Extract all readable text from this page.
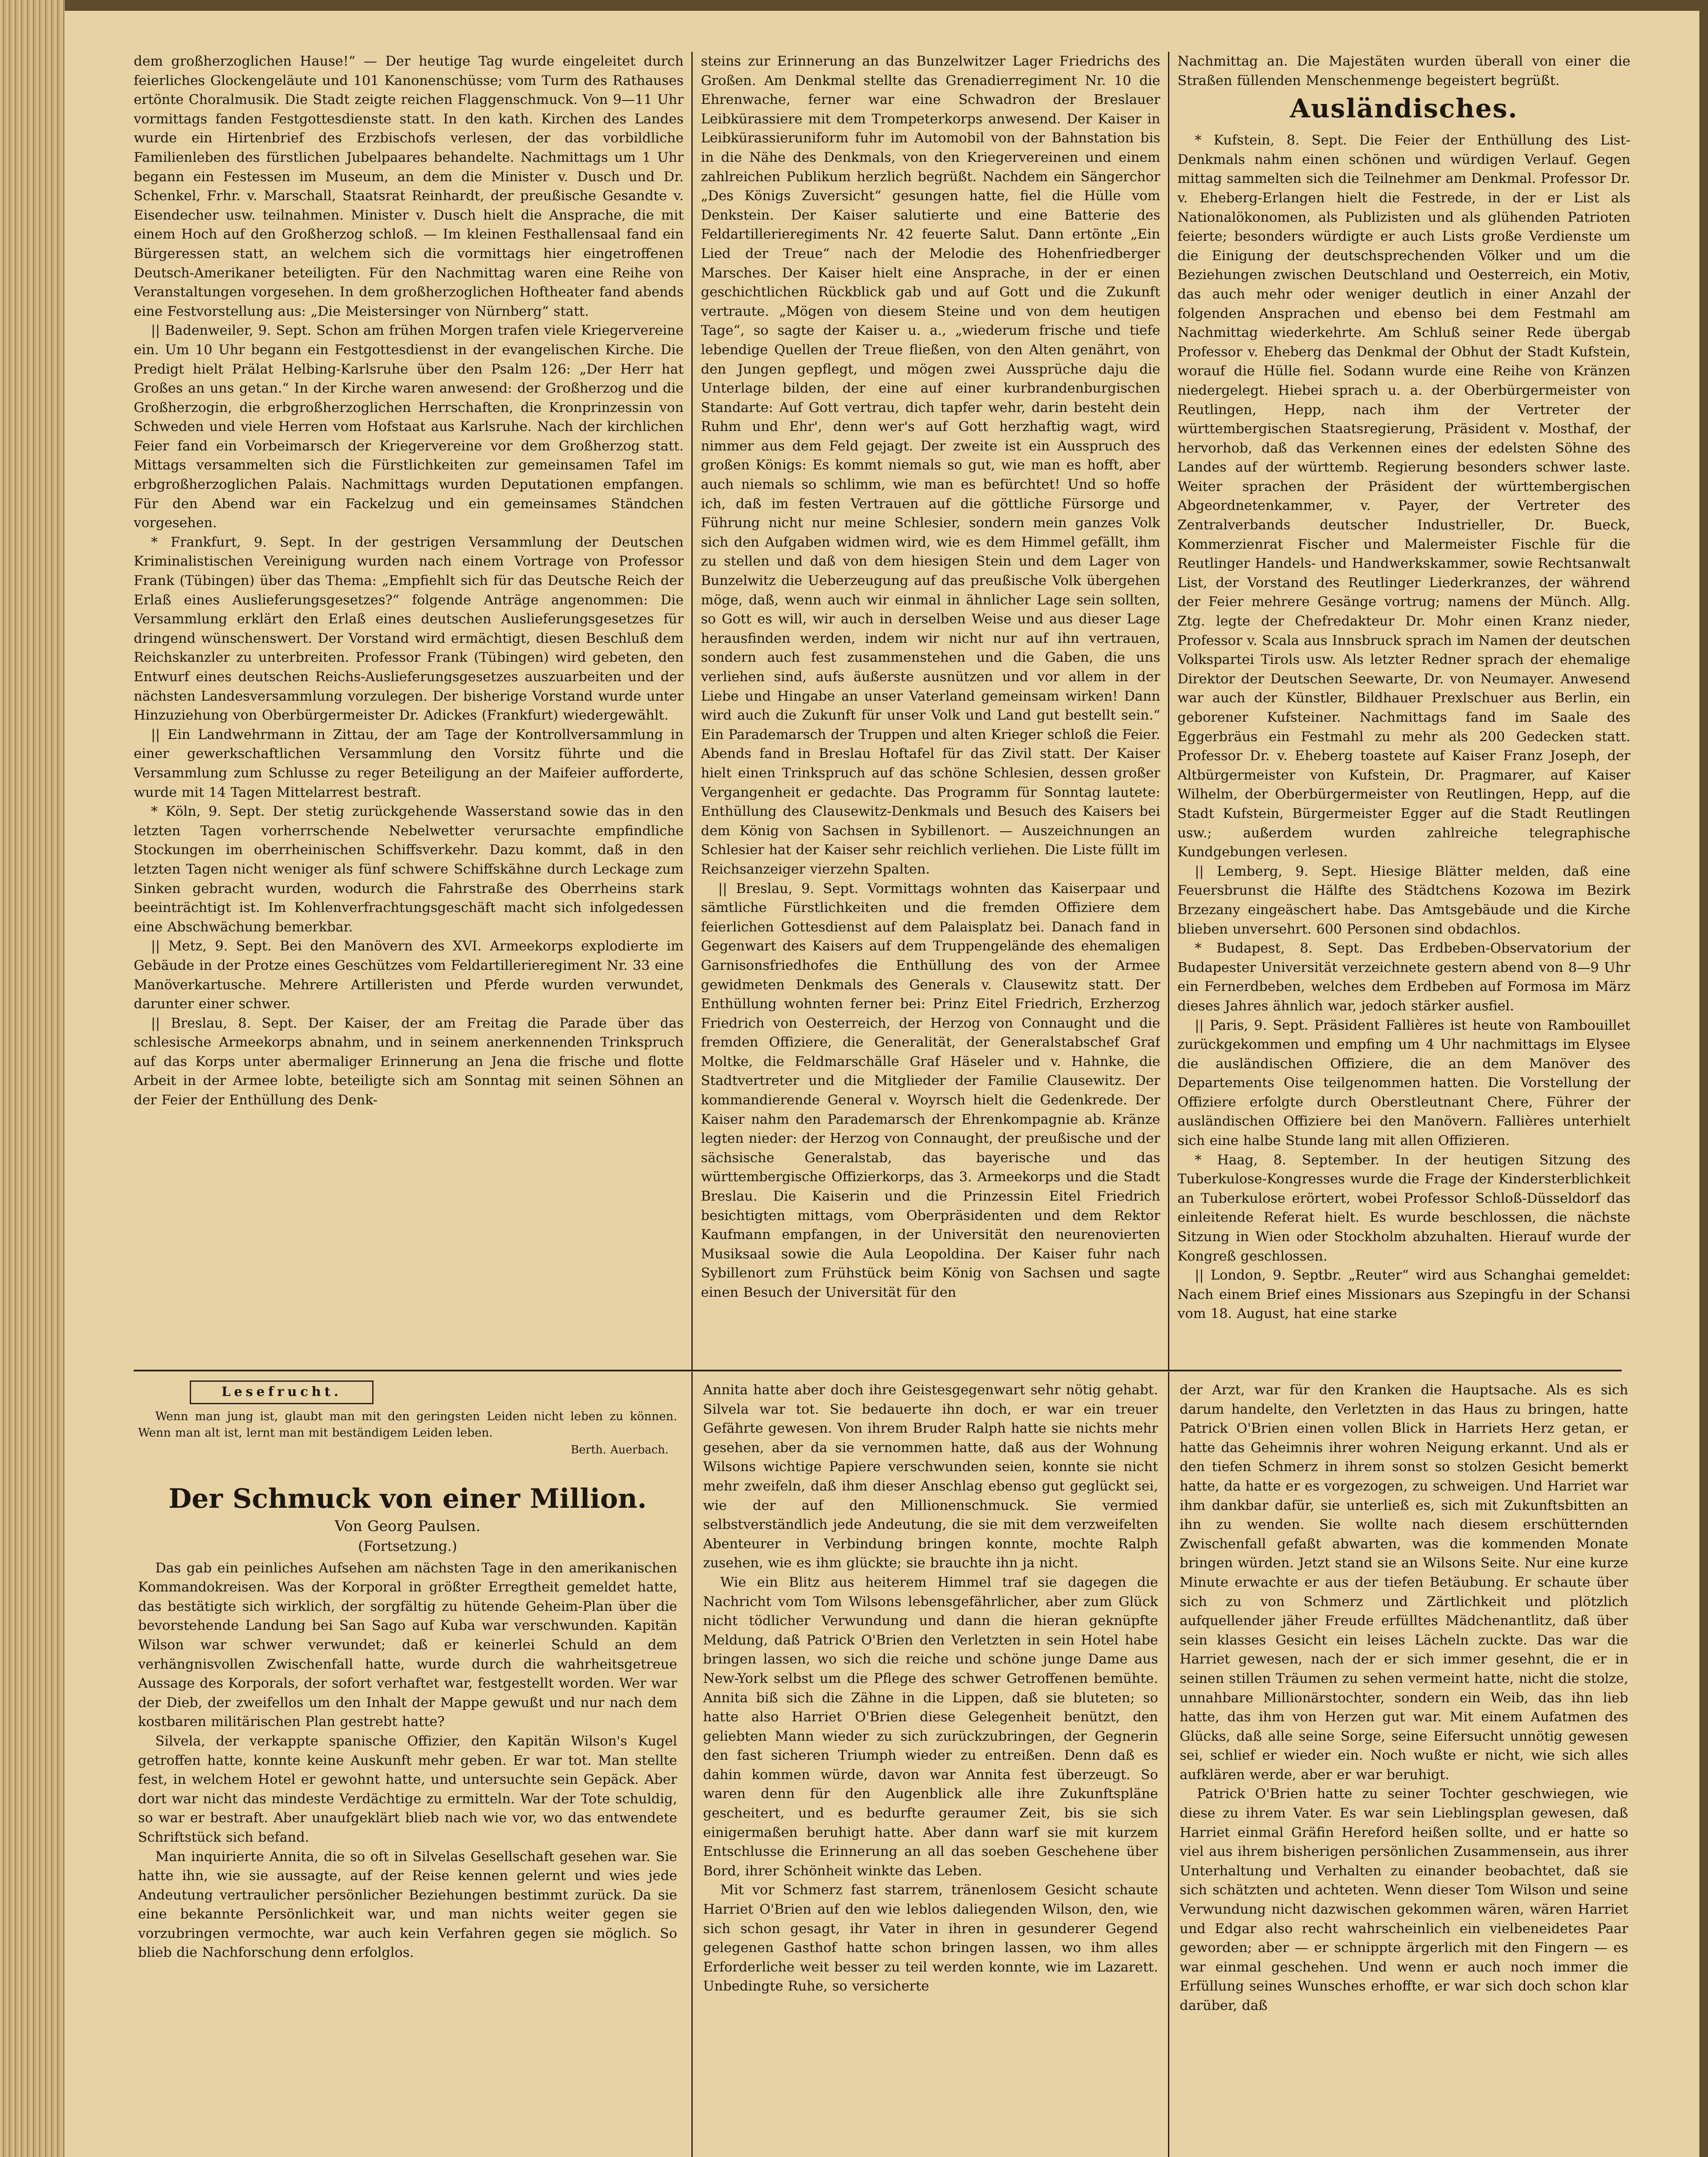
dem großherzoglichen Hause!“ — Der heutige Tag wurde eingeleitet durch feierliches Glockengeläute und 101 Kanonenschüsse; vom Turm des Rathauses ertönte Choralmusik. Die Stadt zeigte reichen Flaggenschmuck. Von 9—11 Uhr vormittags fanden Festgottesdienste statt. In den kath. Kirchen des Landes wurde ein Hirtenbrief des Erzbischofs verlesen, der das vorbildliche Familienleben des fürstlichen Jubelpaares behandelte. Nachmittags um 1 Uhr begann ein Festessen im Museum, an dem die Minister v. Dusch und Dr. Schenkel, Frhr. v. Marschall, Staatsrat Reinhardt, der preußische Gesandte v. Eisendecher usw. teilnahmen. Minister v. Dusch hielt die Ansprache, die mit einem Hoch auf den Großherzog schloß. — Im kleinen Festhallensaal fand ein Bürgeressen statt, an welchem sich die vormittags hier eingetroffenen Deutsch-Amerikaner beteiligten. Für den Nachmittag waren eine Reihe von Veranstaltungen vorgesehen. In dem großherzoglichen Hoftheater fand abends eine Festvorstellung aus: „Die Meistersinger von Nürnberg“ statt.

|| Badenweiler, 9. Sept. Schon am frühen Morgen trafen viele Kriegervereine ein. Um 10 Uhr begann ein Festgottesdienst in der evangelischen Kirche. Die Predigt hielt Prälat Helbing-Karlsruhe über den Psalm 126: „Der Herr hat Großes an uns getan.“ In der Kirche waren anwesend: der Großherzog und die Großherzogin, die erbgroßherzoglichen Herrschaften, die Kronprinzessin von Schweden und viele Herren vom Hofstaat aus Karlsruhe. Nach der kirchlichen Feier fand ein Vorbeimarsch der Kriegervereine vor dem Großherzog statt. Mittags versammelten sich die Fürstlichkeiten zur gemeinsamen Tafel im erbgroßherzoglichen Palais. Nachmittags wurden Deputationen empfangen. Für den Abend war ein Fackelzug und ein gemeinsames Ständchen vorgesehen.

* Frankfurt, 9. Sept. In der gestrigen Versammlung der Deutschen Kriminalistischen Vereinigung wurden nach einem Vortrage von Professor Frank (Tübingen) über das Thema: „Empfiehlt sich für das Deutsche Reich der Erlaß eines Auslieferungsgesetzes?“ folgende Anträge angenommen: Die Versammlung erklärt den Erlaß eines deutschen Auslieferungsgesetzes für dringend wünschenswert. Der Vorstand wird ermächtigt, diesen Beschluß dem Reichskanzler zu unterbreiten. Professor Frank (Tübingen) wird gebeten, den Entwurf eines deutschen Reichs-Auslieferungsgesetzes auszuarbeiten und der nächsten Landesversammlung vorzulegen. Der bisherige Vorstand wurde unter Hinzuziehung von Oberbürgermeister Dr. Adickes (Frankfurt) wiedergewählt.

|| Ein Landwehrmann in Zittau, der am Tage der Kontrollversammlung in einer gewerkschaftlichen Versammlung den Vorsitz führte und die Versammlung zum Schlusse zu reger Beteiligung an der Maifeier aufforderte, wurde mit 14 Tagen Mittelarrest bestraft.

* Köln, 9. Sept. Der stetig zurückgehende Wasserstand sowie das in den letzten Tagen vorherrschende Nebelwetter verursachte empfindliche Stockungen im oberrheinischen Schiffsverkehr. Dazu kommt, daß in den letzten Tagen nicht weniger als fünf schwere Schiffskähne durch Leckage zum Sinken gebracht wurden, wodurch die Fahrstraße des Oberrheins stark beeinträchtigt ist. Im Kohlenverfrachtungsgeschäft macht sich infolgedessen eine Abschwächung bemerkbar.

|| Metz, 9. Sept. Bei den Manövern des XVI. Armeekorps explodierte im Gebäude in der Protze eines Geschützes vom Feldartillerieregiment Nr. 33 eine Manöverkartusche. Mehrere Artilleristen und Pferde wurden verwundet, darunter einer schwer.

|| Breslau, 8. Sept. Der Kaiser, der am Freitag die Parade über das schlesische Armeekorps abnahm, und in seinem anerkennenden Trinkspruch auf das Korps unter abermaliger Erinnerung an Jena die frische und flotte Arbeit in der Armee lobte, beteiligte sich am Sonntag mit seinen Söhnen an der Feier der Enthüllung des Denk-

steins zur Erinnerung an das Bunzelwitzer Lager Friedrichs des Großen. Am Denkmal stellte das Grenadierregiment Nr. 10 die Ehrenwache, ferner war eine Schwadron der Breslauer Leibkürassiere mit dem Trompeterkorps anwesend. Der Kaiser in Leibkürassieruniform fuhr im Automobil von der Bahnstation bis in die Nähe des Denkmals, von den Kriegervereinen und einem zahlreichen Publikum herzlich begrüßt. Nachdem ein Sängerchor „Des Königs Zuversicht“ gesungen hatte, fiel die Hülle vom Denkstein. Der Kaiser salutierte und eine Batterie des Feldartillerieregiments Nr. 42 feuerte Salut. Dann ertönte „Ein Lied der Treue“ nach der Melodie des Hohenfriedberger Marsches. Der Kaiser hielt eine Ansprache, in der er einen geschichtlichen Rückblick gab und auf Gott und die Zukunft vertraute. „Mögen von diesem Steine und von dem heutigen Tage“, so sagte der Kaiser u. a., „wiederum frische und tiefe lebendige Quellen der Treue fließen, von den Alten genährt, von den Jungen gepflegt, und mögen zwei Aussprüche daju die Unterlage bilden, der eine auf einer kurbrandenburgischen Standarte: Auf Gott vertrau, dich tapfer wehr, darin besteht dein Ruhm und Ehr', denn wer's auf Gott herzhaftig wagt, wird nimmer aus dem Feld gejagt. Der zweite ist ein Ausspruch des großen Königs: Es kommt niemals so gut, wie man es hofft, aber auch niemals so schlimm, wie man es befürchtet! Und so hoffe ich, daß im festen Vertrauen auf die göttliche Fürsorge und Führung nicht nur meine Schlesier, sondern mein ganzes Volk sich den Aufgaben widmen wird, wie es dem Himmel gefällt, ihm zu stellen und daß von dem hiesigen Stein und dem Lager von Bunzelwitz die Ueberzeugung auf das preußische Volk übergehen möge, daß, wenn auch wir einmal in ähnlicher Lage sein sollten, so Gott es will, wir auch in derselben Weise und aus dieser Lage herausfinden werden, indem wir nicht nur auf ihn vertrauen, sondern auch fest zusammenstehen und die Gaben, die uns verliehen sind, aufs äußerste ausnützen und vor allem in der Liebe und Hingabe an unser Vaterland gemeinsam wirken! Dann wird auch die Zukunft für unser Volk und Land gut bestellt sein.“ Ein Parademarsch der Truppen und alten Krieger schloß die Feier. Abends fand in Breslau Hoftafel für das Zivil statt. Der Kaiser hielt einen Trinkspruch auf das schöne Schlesien, dessen großer Vergangenheit er gedachte. Das Programm für Sonntag lautete: Enthüllung des Clausewitz-Denkmals und Besuch des Kaisers bei dem König von Sachsen in Sybillenort. — Auszeichnungen an Schlesier hat der Kaiser sehr reichlich verliehen. Die Liste füllt im Reichsanzeiger vierzehn Spalten.

|| Breslau, 9. Sept. Vormittags wohnten das Kaiserpaar und sämtliche Fürstlichkeiten und die fremden Offiziere dem feierlichen Gottesdienst auf dem Palaisplatz bei. Danach fand in Gegenwart des Kaisers auf dem Truppengelände des ehemaligen Garnisonsfriedhofes die Enthüllung des von der Armee gewidmeten Denkmals des Generals v. Clausewitz statt. Der Enthüllung wohnten ferner bei: Prinz Eitel Friedrich, Erzherzog Friedrich von Oesterreich, der Herzog von Connaught und die fremden Offiziere, die Generalität, der Generalstabschef Graf Moltke, die Feldmarschälle Graf Häseler und v. Hahnke, die Stadtvertreter und die Mitglieder der Familie Clausewitz. Der kommandierende General v. Woyrsch hielt die Gedenkrede. Der Kaiser nahm den Parademarsch der Ehrenkompagnie ab. Kränze legten nieder: der Herzog von Connaught, der preußische und der sächsische Generalstab, das bayerische und das württembergische Offizierkorps, das 3. Armeekorps und die Stadt Breslau. Die Kaiserin und die Prinzessin Eitel Friedrich besichtigten mittags, vom Oberpräsidenten und dem Rektor Kaufmann empfangen, in der Universität den neurenovierten Musiksaal sowie die Aula Leopoldina. Der Kaiser fuhr nach Sybillenort zum Frühstück beim König von Sachsen und sagte einen Besuch der Universität für den

Nachmittag an. Die Majestäten wurden überall von einer die Straßen füllenden Menschenmenge begeistert begrüßt.

Ausländisches.

* Kufstein, 8. Sept. Die Feier der Enthüllung des List-Denkmals nahm einen schönen und würdigen Verlauf. Gegen mittag sammelten sich die Teilnehmer am Denkmal. Professor Dr. v. Eheberg-Erlangen hielt die Festrede, in der er List als Nationalökonomen, als Publizisten und als glühenden Patrioten feierte; besonders würdigte er auch Lists große Verdienste um die Einigung der deutschsprechenden Völker und um die Beziehungen zwischen Deutschland und Oesterreich, ein Motiv, das auch mehr oder weniger deutlich in einer Anzahl der folgenden Ansprachen und ebenso bei dem Festmahl am Nachmittag wiederkehrte. Am Schluß seiner Rede übergab Professor v. Eheberg das Denkmal der Obhut der Stadt Kufstein, worauf die Hülle fiel. Sodann wurde eine Reihe von Kränzen niedergelegt. Hiebei sprach u. a. der Oberbürgermeister von Reutlingen, Hepp, nach ihm der Vertreter der württembergischen Staatsregierung, Präsident v. Mosthaf, der hervorhob, daß das Verkennen eines der edelsten Söhne des Landes auf der württemb. Regierung besonders schwer laste. Weiter sprachen der Präsident der württembergischen Abgeordnetenkammer, v. Payer, der Vertreter des Zentralverbands deutscher Industrieller, Dr. Bueck, Kommerzienrat Fischer und Malermeister Fischle für die Reutlinger Handels- und Handwerkskammer, sowie Rechtsanwalt List, der Vorstand des Reutlinger Liederkranzes, der während der Feier mehrere Gesänge vortrug; namens der Münch. Allg. Ztg. legte der Chefredakteur Dr. Mohr einen Kranz nieder, Professor v. Scala aus Innsbruck sprach im Namen der deutschen Volkspartei Tirols usw. Als letzter Redner sprach der ehemalige Direktor der Deutschen Seewarte, Dr. von Neumayer. Anwesend war auch der Künstler, Bildhauer Prexlschuer aus Berlin, ein geborener Kufsteiner. Nachmittags fand im Saale des Eggerbräus ein Festmahl zu mehr als 200 Gedecken statt. Professor Dr. v. Eheberg toastete auf Kaiser Franz Joseph, der Altbürgermeister von Kufstein, Dr. Pragmarer, auf Kaiser Wilhelm, der Oberbürgermeister von Reutlingen, Hepp, auf die Stadt Kufstein, Bürgermeister Egger auf die Stadt Reutlingen usw.; außerdem wurden zahlreiche telegraphische Kundgebungen verlesen.

|| Lemberg, 9. Sept. Hiesige Blätter melden, daß eine Feuersbrunst die Hälfte des Städtchens Kozowa im Bezirk Brzezany eingeäschert habe. Das Amtsgebäude und die Kirche blieben unversehrt. 600 Personen sind obdachlos.

* Budapest, 8. Sept. Das Erdbeben-Observatorium der Budapester Universität verzeichnete gestern abend von 8—9 Uhr ein Fernerdbeben, welches dem Erdbeben auf Formosa im März dieses Jahres ähnlich war, jedoch stärker ausfiel.

|| Paris, 9. Sept. Präsident Fallières ist heute von Rambouillet zurückgekommen und empfing um 4 Uhr nachmittags im Elysee die ausländischen Offiziere, die an dem Manöver des Departements Oise teilgenommen hatten. Die Vorstellung der Offiziere erfolgte durch Oberstleutnant Chere, Führer der ausländischen Offiziere bei den Manövern. Fallières unterhielt sich eine halbe Stunde lang mit allen Offizieren.

* Haag, 8. September. In der heutigen Sitzung des Tuberkulose-Kongresses wurde die Frage der Kindersterblichkeit an Tuberkulose erörtert, wobei Professor Schloß-Düsseldorf das einleitende Referat hielt. Es wurde beschlossen, die nächste Sitzung in Wien oder Stockholm abzuhalten. Hierauf wurde der Kongreß geschlossen.

|| London, 9. Septbr. „Reuter“ wird aus Schanghai gemeldet: Nach einem Brief eines Missionars aus Szepingfu in der Schansi vom 18. August, hat eine starke

Lesefrucht.

Wenn man jung ist, glaubt man mit den geringsten Leiden nicht leben zu können. Wenn man alt ist, lernt man mit beständigem Leiden leben.

Berth. Auerbach.
Der Schmuck von einer Million.
Von Georg Paulsen.
(Fortsetzung.)

Das gab ein peinliches Aufsehen am nächsten Tage in den amerikanischen Kommandokreisen. Was der Korporal in größter Erregtheit gemeldet hatte, das bestätigte sich wirklich, der sorgfältig zu hütende Geheim-Plan über die bevorstehende Landung bei San Sago auf Kuba war verschwunden. Kapitän Wilson war schwer verwundet; daß er keinerlei Schuld an dem verhängnisvollen Zwischenfall hatte, wurde durch die wahrheitsgetreue Aussage des Korporals, der sofort verhaftet war, festgestellt worden. Wer war der Dieb, der zweifellos um den Inhalt der Mappe gewußt und nur nach dem kostbaren militärischen Plan gestrebt hatte?

Silvela, der verkappte spanische Offizier, den Kapitän Wilson's Kugel getroffen hatte, konnte keine Auskunft mehr geben. Er war tot. Man stellte fest, in welchem Hotel er gewohnt hatte, und untersuchte sein Gepäck. Aber dort war nicht das mindeste Verdächtige zu ermitteln. War der Tote schuldig, so war er bestraft. Aber unaufgeklärt blieb nach wie vor, wo das entwendete Schriftstück sich befand.

Man inquirierte Annita, die so oft in Silvelas Gesellschaft gesehen war. Sie hatte ihn, wie sie aussagte, auf der Reise kennen gelernt und wies jede Andeutung vertraulicher persönlicher Beziehungen bestimmt zurück. Da sie eine bekannte Persönlichkeit war, und man nichts weiter gegen sie vorzubringen vermochte, war auch kein Verfahren gegen sie möglich. So blieb die Nachforschung denn erfolglos.

Annita hatte aber doch ihre Geistesgegenwart sehr nötig gehabt. Silvela war tot. Sie bedauerte ihn doch, er war ein treuer Gefährte gewesen. Von ihrem Bruder Ralph hatte sie nichts mehr gesehen, aber da sie vernommen hatte, daß aus der Wohnung Wilsons wichtige Papiere verschwunden seien, konnte sie nicht mehr zweifeln, daß ihm dieser Anschlag ebenso gut geglückt sei, wie der auf den Millionenschmuck. Sie vermied selbstverständlich jede Andeutung, die sie mit dem verzweifelten Abenteurer in Verbindung bringen konnte, mochte Ralph zusehen, wie es ihm glückte; sie brauchte ihn ja nicht.

Wie ein Blitz aus heiterem Himmel traf sie dagegen die Nachricht vom Tom Wilsons lebensgefährlicher, aber zum Glück nicht tödlicher Verwundung und dann die hieran geknüpfte Meldung, daß Patrick O'Brien den Verletzten in sein Hotel habe bringen lassen, wo sich die reiche und schöne junge Dame aus New-York selbst um die Pflege des schwer Getroffenen bemühte. Annita biß sich die Zähne in die Lippen, daß sie bluteten; so hatte also Harriet O'Brien diese Gelegenheit benützt, den geliebten Mann wieder zu sich zurückzubringen, der Gegnerin den fast sicheren Triumph wieder zu entreißen. Denn daß es dahin kommen würde, davon war Annita fest überzeugt. So waren denn für den Augenblick alle ihre Zukunftspläne gescheitert, und es bedurfte geraumer Zeit, bis sie sich einigermaßen beruhigt hatte. Aber dann warf sie mit kurzem Entschlusse die Erinnerung an all das soeben Geschehene über Bord, ihrer Schönheit winkte das Leben.

Mit vor Schmerz fast starrem, tränenlosem Gesicht schaute Harriet O'Brien auf den wie leblos daliegenden Wilson, den, wie sich schon gesagt, ihr Vater in ihren in gesunderer Gegend gelegenen Gasthof hatte schon bringen lassen, wo ihm alles Erforderliche weit besser zu teil werden konnte, wie im Lazarett. Unbedingte Ruhe, so versicherte

der Arzt, war für den Kranken die Hauptsache. Als es sich darum handelte, den Verletzten in das Haus zu bringen, hatte Patrick O'Brien einen vollen Blick in Harriets Herz getan, er hatte das Geheimnis ihrer wohren Neigung erkannt. Und als er den tiefen Schmerz in ihrem sonst so stolzen Gesicht bemerkt hatte, da hatte er es vorgezogen, zu schweigen. Und Harriet war ihm dankbar dafür, sie unterließ es, sich mit Zukunftsbitten an ihn zu wenden. Sie wollte nach diesem erschütternden Zwischenfall gefaßt abwarten, was die kommenden Monate bringen würden. Jetzt stand sie an Wilsons Seite. Nur eine kurze Minute erwachte er aus der tiefen Betäubung. Er schaute über sich zu von Schmerz und Zärtlichkeit und plötzlich aufquellender jäher Freude erfülltes Mädchenantlitz, daß über sein klasses Gesicht ein leises Lächeln zuckte. Das war die Harriet gewesen, nach der er sich immer gesehnt, die er in seinen stillen Träumen zu sehen vermeint hatte, nicht die stolze, unnahbare Millionärstochter, sondern ein Weib, das ihn lieb hatte, das ihm von Herzen gut war. Mit einem Aufatmen des Glücks, daß alle seine Sorge, seine Eifersucht unnötig gewesen sei, schlief er wieder ein. Noch wußte er nicht, wie sich alles aufklären werde, aber er war beruhigt.

Patrick O'Brien hatte zu seiner Tochter geschwiegen, wie diese zu ihrem Vater. Es war sein Lieblingsplan gewesen, daß Harriet einmal Gräfin Hereford heißen sollte, und er hatte so viel aus ihrem bisherigen persönlichen Zusammensein, aus ihrer Unterhaltung und Verhalten zu einander beobachtet, daß sie sich schätzten und achteten. Wenn dieser Tom Wilson und seine Verwundung nicht dazwischen gekommen wären, wären Harriet und Edgar also recht wahrscheinlich ein vielbeneidetes Paar geworden; aber — er schnippte ärgerlich mit den Fingern — es war einmal geschehen. Und wenn er auch noch immer die Erfüllung seines Wunsches erhoffte, er war sich doch schon klar darüber, daß
